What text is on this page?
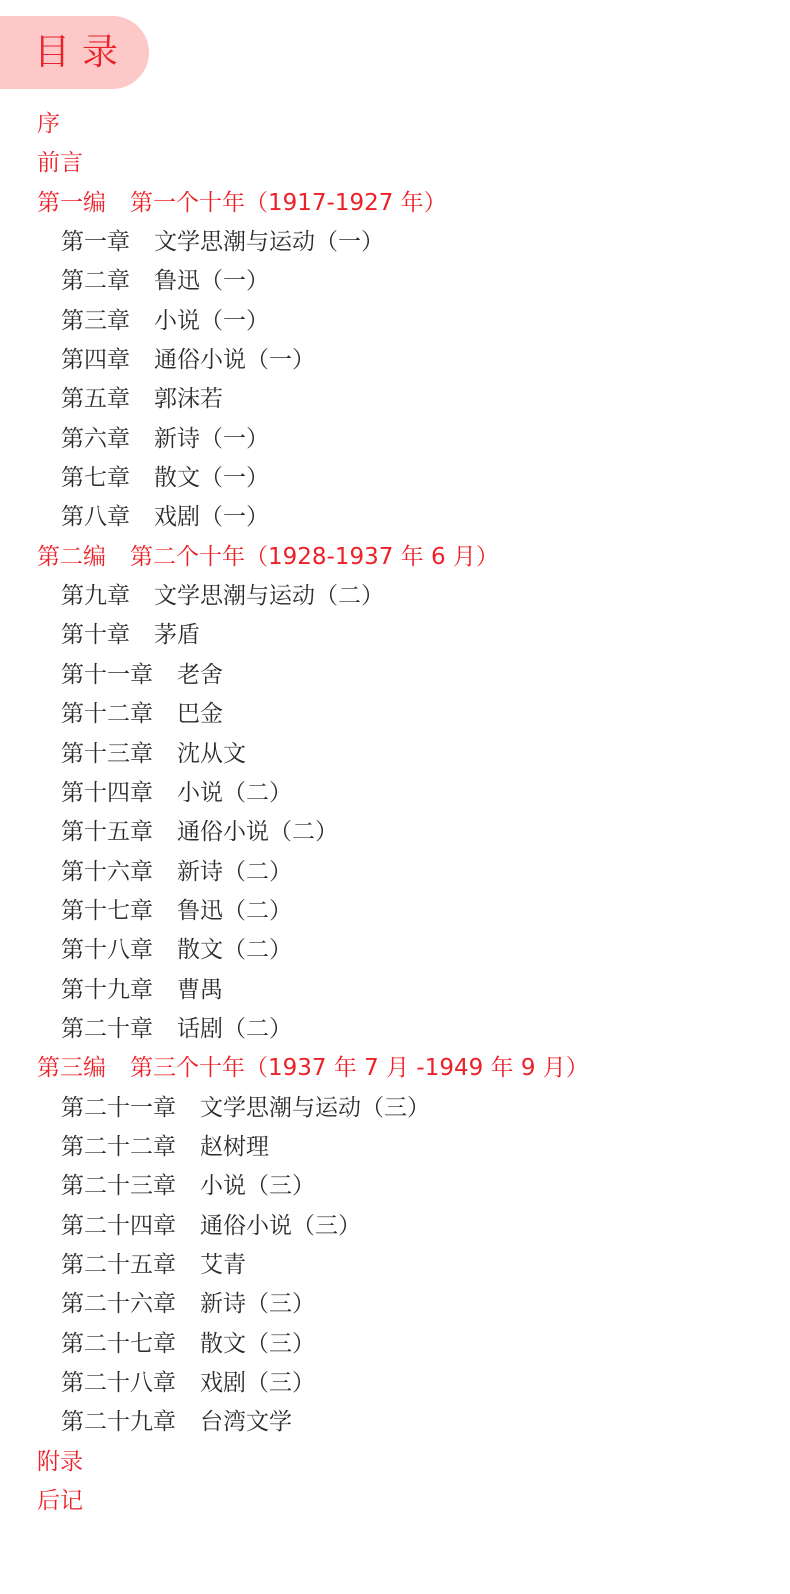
目录
序
前言
第一编 第一个十年（1917-1927 年）
第一章 文学思潮与运动（一）
第二章 鲁迅（一）
第三章 小说（一）
第四章 通俗小说（一）
第五章 郭沫若
第六章 新诗（一）
第七章 散文（一）
第八章 戏剧（一）
第二编 第二个十年（1928-1937 年 6 月）
第九章 文学思潮与运动（二）
第十章 茅盾
第十一章 老舍
第十二章 巴金
第十三章 沈从文
第十四章 小说（二）
第十五章 通俗小说（二）
第十六章 新诗（二）
第十七章 鲁迅（二）
第十八章 散文（二）
第十九章 曹禺
第二十章 话剧（二）
第三编 第三个十年（1937 年 7 月 -1949 年 9 月）
第二十一章 文学思潮与运动（三）
第二十二章 赵树理
第二十三章 小说（三）
第二十四章 通俗小说（三）
第二十五章 艾青
第二十六章 新诗（三）
第二十七章 散文（三）
第二十八章 戏剧（三）
第二十九章 台湾文学
附录
后记
